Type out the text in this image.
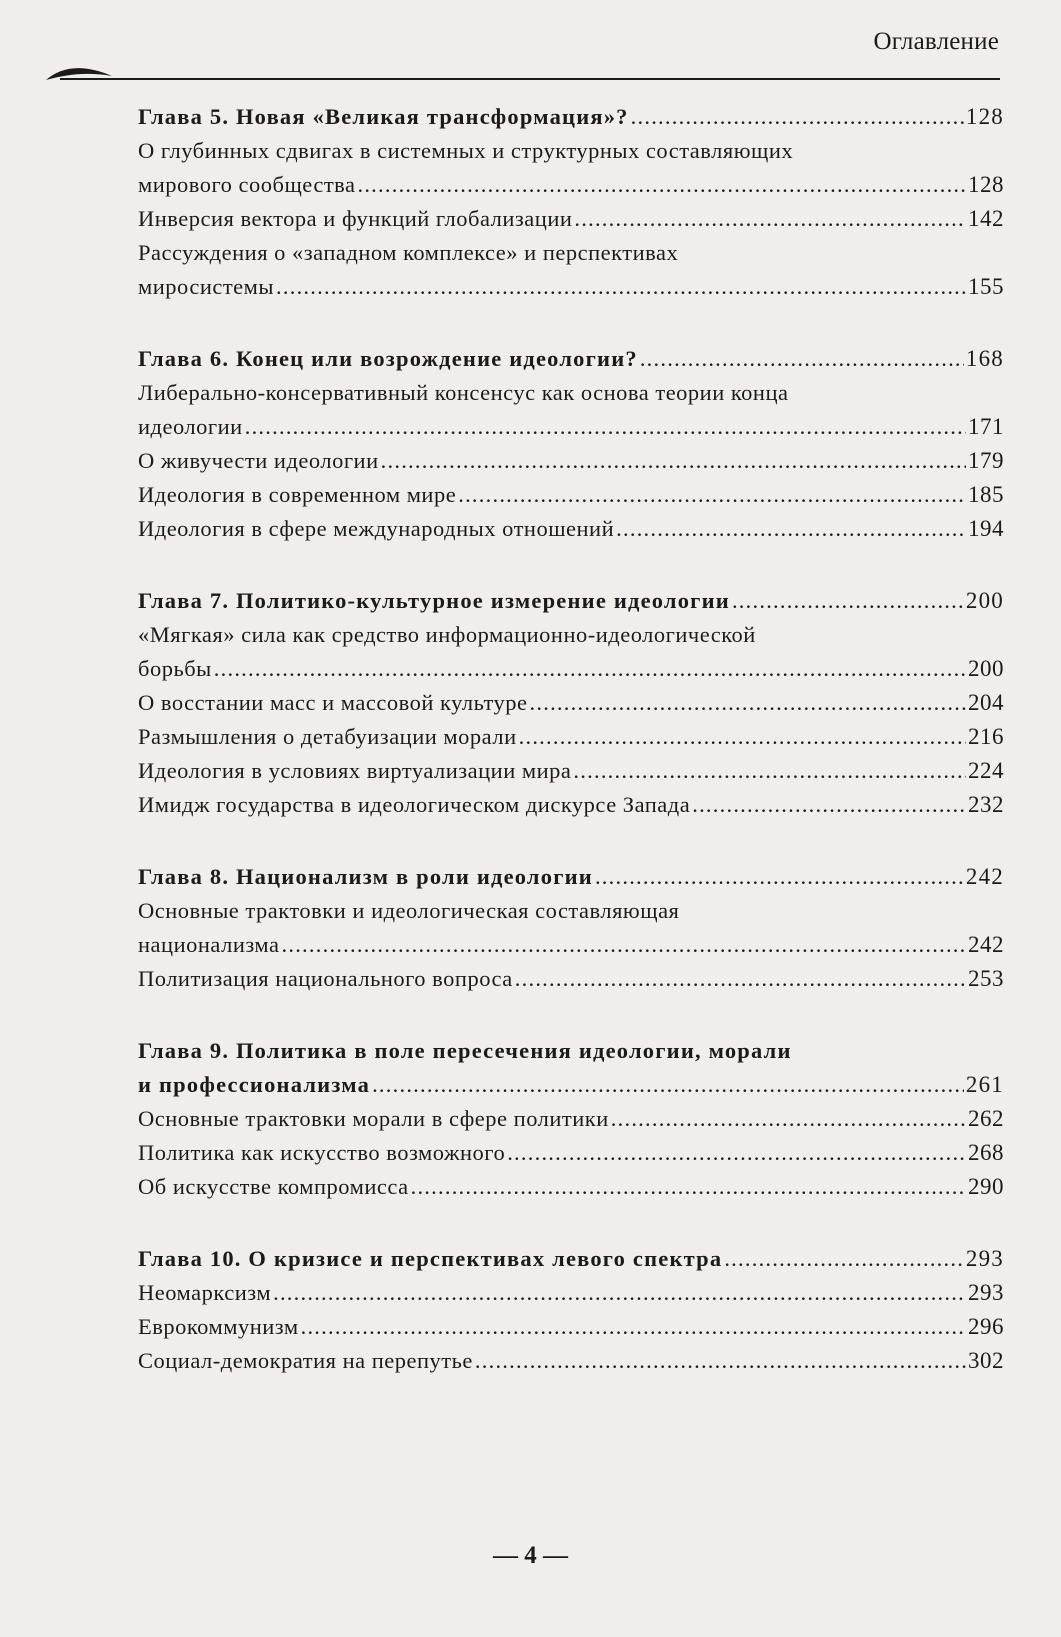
Оглавление
Глава 5. Новая «Великая трансформация»? . . .	128
О глубинных сдвигах в системных и структурных составляющих
мирового сообщества . . .	128
Инверсия вектора и функций глобализации . . .	142
Рассуждения о «западном комплексе» и перспективах
миросистемы . . .	155
Глава 6. Конец или возрождение идеологии? . . .	168
Либерально-консервативный консенсус как основа теории конца
идеологии . . .	171
О живучести идеологии . . .	179
Идеология в современном мире . . .	185
Идеология в сфере международных отношений . . .	194
Глава 7. Политико-культурное измерение идеологии . . .	200
«Мягкая» сила как средство информационно-идеологической
борьбы . . .	200
О восстании масс и массовой культуре . . .	204
Размышления о детабуизации морали . . .	216
Идеология в условиях виртуализации мира . . .	224
Имидж государства в идеологическом дискурсе Запада . . .	232
Глава 8. Национализм в роли идеологии . . .	242
Основные трактовки и идеологическая составляющая
национализма . . .	242
Политизация национального вопроса . . .	253
Глава 9. Политика в поле пересечения идеологии, морали
и профессионализма . . .	261
Основные трактовки морали в сфере политики . . .	262
Политика как искусство возможного . . .	268
Об искусстве компромисса . . .	290
Глава 10. О кризисе и перспективах левого спектра . . .	293
Неомарксизм . . .	293
Еврокоммунизм . . .	296
Социал-демократия на перепутье . . .	302
— 4 —
